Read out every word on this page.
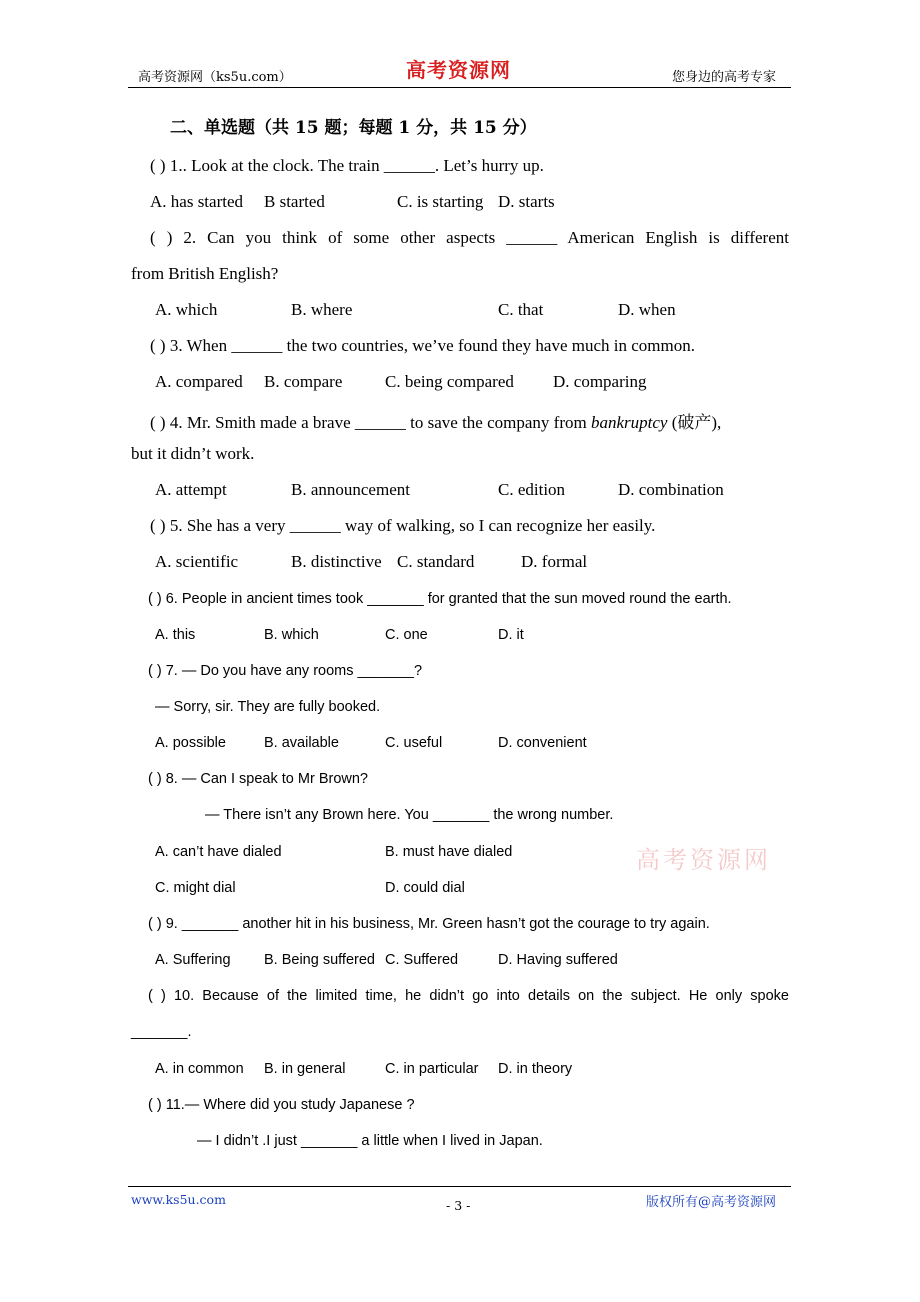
高考资源网（ks5u.com）	高考资源网	您身边的高考专家
二、单选题（共 15 题；每题 1 分，共 15 分）
( ) 1.. Look at the clock. The train ______. Let’s hurry up.
A. has started B started	C. is starting D. starts
( ) 2. Can you think of some other aspects ______ American English is different
from British English?
A. which	B. where	C. that	D. when
( ) 3. When ______ the two countries, we’ve found they have much in common.
A. compared B. compare	C. being compared D. comparing
( ) 4. Mr. Smith made a brave ______ to save the company from bankruptcy (破产),
but it didn’t work.
A. attempt	B. announcement	C. edition	D. combination
( ) 5. She has a very ______ way of walking, so I can recognize her easily.
A. scientific	B. distinctive C. standard	D. formal
( ) 6. People in ancient times took _______ for granted that the sun moved round the earth.
A. this	B. which	C. one	D. it
( ) 7. — Do you have any rooms _______?
— Sorry, sir. They are fully booked.
A. possible	B. available	C. useful	D. convenient
( ) 8. — Can I speak to Mr Brown?
— There isn’t any Brown here. You _______ the wrong number.
A. can’t have dialed	B. must have dialed
C. might dial	D. could dial
( ) 9. _______ another hit in his business, Mr. Green hasn’t got the courage to try again.
A. Suffering B. Being suffered C. Suffered	D. Having suffered
( ) 10. Because of the limited time, he didn’t go into details on the subject. He only spoke
_______.
A. in common B. in general	C. in particular D. in theory
( ) 11.— Where did you study Japanese ?
— I didn’t .I just _______ a little when I lived in Japan.
高考资源网
www.ks5u.com	- 3 -	版权所有@高考资源网
